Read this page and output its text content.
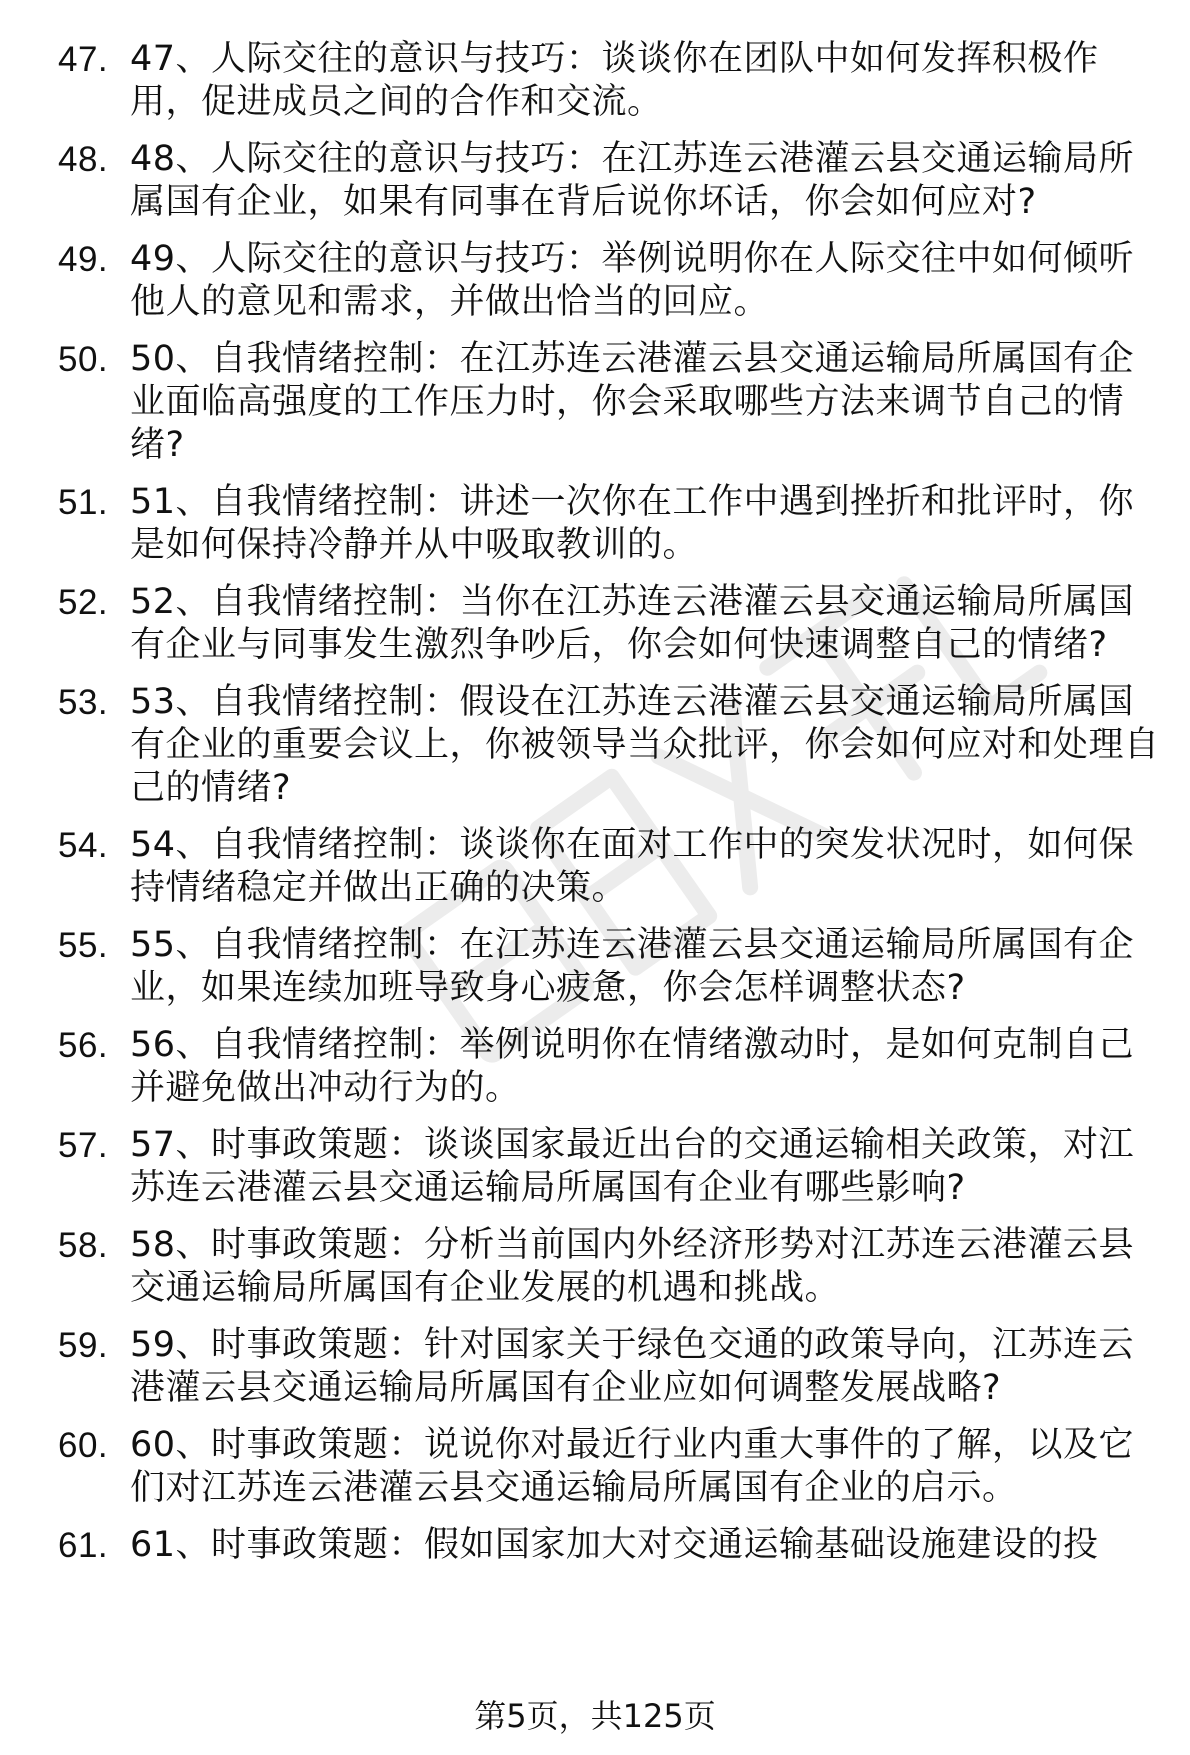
47. 47、人际交往的意识与技巧：谈谈你在团队中如何发挥积极作用，促进成员之间的合作和交流。
48. 48、人际交往的意识与技巧：在江苏连云港灌云县交通运输局所属国有企业，如果有同事在背后说你坏话，你会如何应对?
49. 49、人际交往的意识与技巧：举例说明你在人际交往中如何倾听他人的意见和需求，并做出恰当的回应。
50. 50、自我情绪控制：在江苏连云港灌云县交通运输局所属国有企业面临高强度的工作压力时，你会采取哪些方法来调节自己的情绪?
51. 51、自我情绪控制：讲述一次你在工作中遇到挫折和批评时，你是如何保持冷静并从中吸取教训的。
52. 52、自我情绪控制：当你在江苏连云港灌云县交通运输局所属国有企业与同事发生激烈争吵后，你会如何快速调整自己的情绪?
53. 53、自我情绪控制：假设在江苏连云港灌云县交通运输局所属国有企业的重要会议上，你被领导当众批评，你会如何应对和处理自己的情绪?
54. 54、自我情绪控制：谈谈你在面对工作中的突发状况时，如何保持情绪稳定并做出正确的决策。
55. 55、自我情绪控制：在江苏连云港灌云县交通运输局所属国有企业，如果连续加班导致身心疲惫，你会怎样调整状态?
56. 56、自我情绪控制：举例说明你在情绪激动时，是如何克制自己并避免做出冲动行为的。
57. 57、时事政策题：谈谈国家最近出台的交通运输相关政策，对江苏连云港灌云县交通运输局所属国有企业有哪些影响?
58. 58、时事政策题：分析当前国内外经济形势对江苏连云港灌云县交通运输局所属国有企业发展的机遇和挑战。
59. 59、时事政策题：针对国家关于绿色交通的政策导向，江苏连云港灌云县交通运输局所属国有企业应如何调整发展战略?
60. 60、时事政策题：说说你对最近行业内重大事件的了解，以及它们对江苏连云港灌云县交通运输局所属国有企业的启示。
61. 61、时事政策题：假如国家加大对交通运输基础设施建设的投
第5页，共125页
